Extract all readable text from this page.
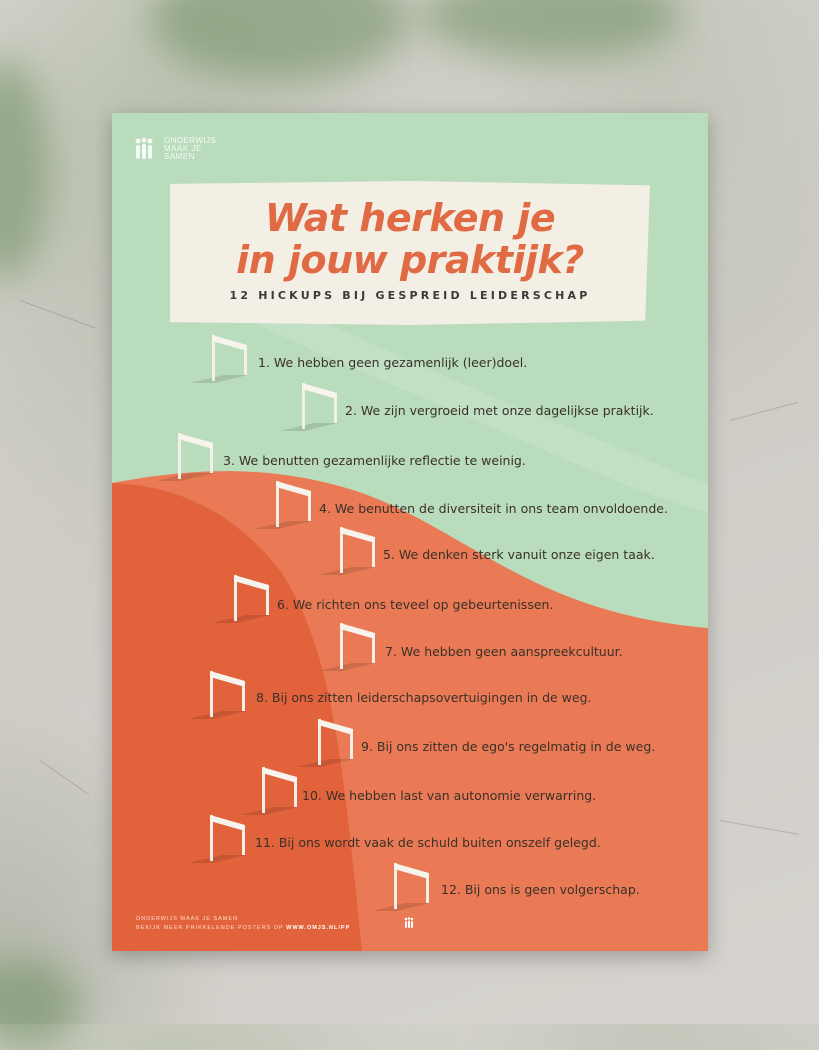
ONDERWIJS
MAAK JE
SAMEN
Wat herken je
in jouw praktijk?
12 HICKUPS BIJ GESPREID LEIDERSCHAP
1. We hebben geen gezamenlijk (leer)doel.
2. We zijn vergroeid met onze dagelijkse praktijk.
3. We benutten gezamenlijke reflectie te weinig.
4. We benutten de diversiteit in ons team onvoldoende.
5. We denken sterk vanuit onze eigen taak.
6. We richten ons teveel op gebeurtenissen.
7. We hebben geen aanspreekcultuur.
8. Bij ons zitten leiderschapsovertuigingen in de weg.
9. Bij ons zitten de ego's regelmatig in de weg.
10. We hebben last van autonomie verwarring.
11. Bij ons wordt vaak de schuld buiten onszelf gelegd.
12. Bij ons is geen volgerschap.
ONDERWIJS MAAK JE SAMEN
BEKIJK MEER PRIKKELENDE POSTERS OP WWW.OMJS.NL/PP
